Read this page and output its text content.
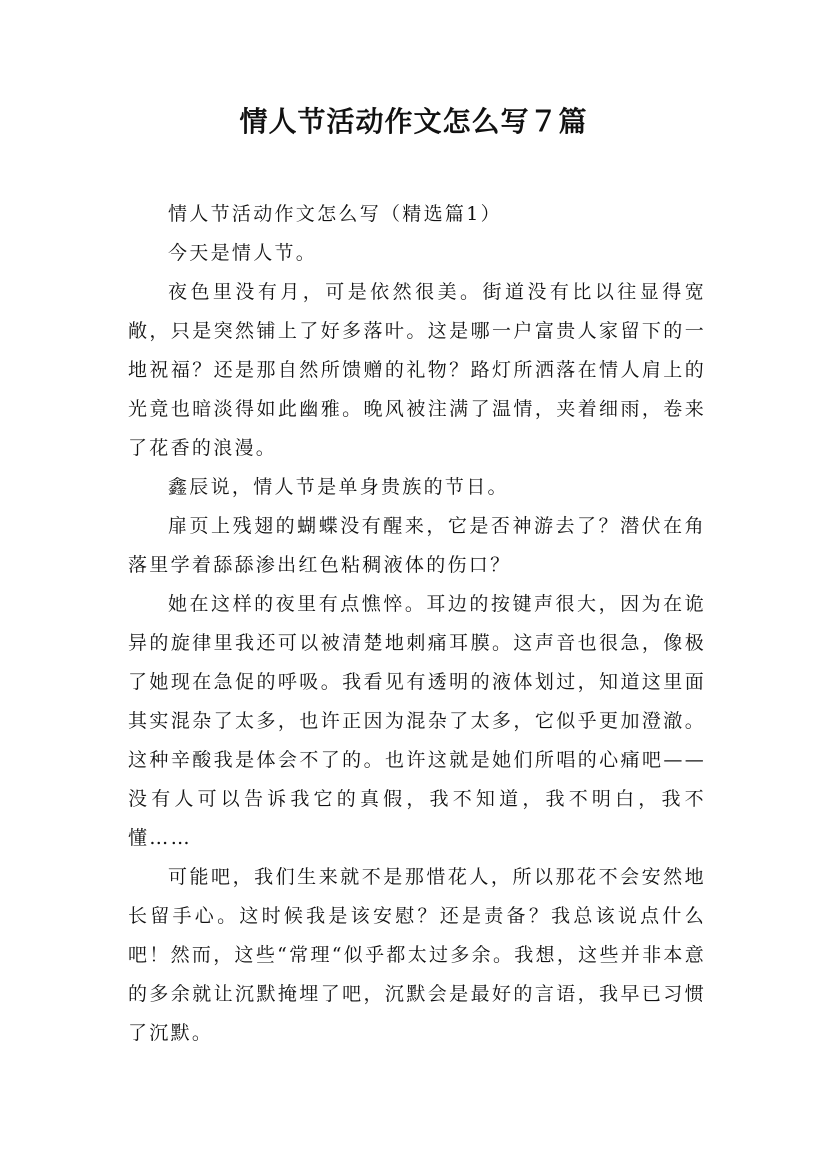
情人节活动作文怎么写７篇

情人节活动作文怎么写（精选篇1）

今天是情人节。

夜色里没有月，可是依然很美。街道没有比以往显得宽敞，只是突然铺上了好多落叶。这是哪一户富贵人家留下的一地祝福？还是那自然所馈赠的礼物？路灯所洒落在情人肩上的光竟也暗淡得如此幽雅。晚风被注满了温情，夹着细雨，卷来了花香的浪漫。

鑫辰说，情人节是单身贵族的节日。

扉页上残翅的蝴蝶没有醒来，它是否神游去了？潜伏在角落里学着舔舔渗出红色粘稠液体的伤口？

她在这样的夜里有点憔悴。耳边的按键声很大，因为在诡异的旋律里我还可以被清楚地刺痛耳膜。这声音也很急，像极了她现在急促的呼吸。我看见有透明的液体划过，知道这里面其实混杂了太多，也许正因为混杂了太多，它似乎更加澄澈。这种辛酸我是体会不了的。也许这就是她们所唱的心痛吧——没有人可以告诉我它的真假，我不知道，我不明白，我不懂……

可能吧，我们生来就不是那惜花人，所以那花不会安然地长留手心。这时候我是该安慰？还是责备？我总该说点什么吧！然而，这些“常理“似乎都太过多余。我想，这些并非本意的多余就让沉默掩埋了吧，沉默会是最好的言语，我早已习惯了沉默。
